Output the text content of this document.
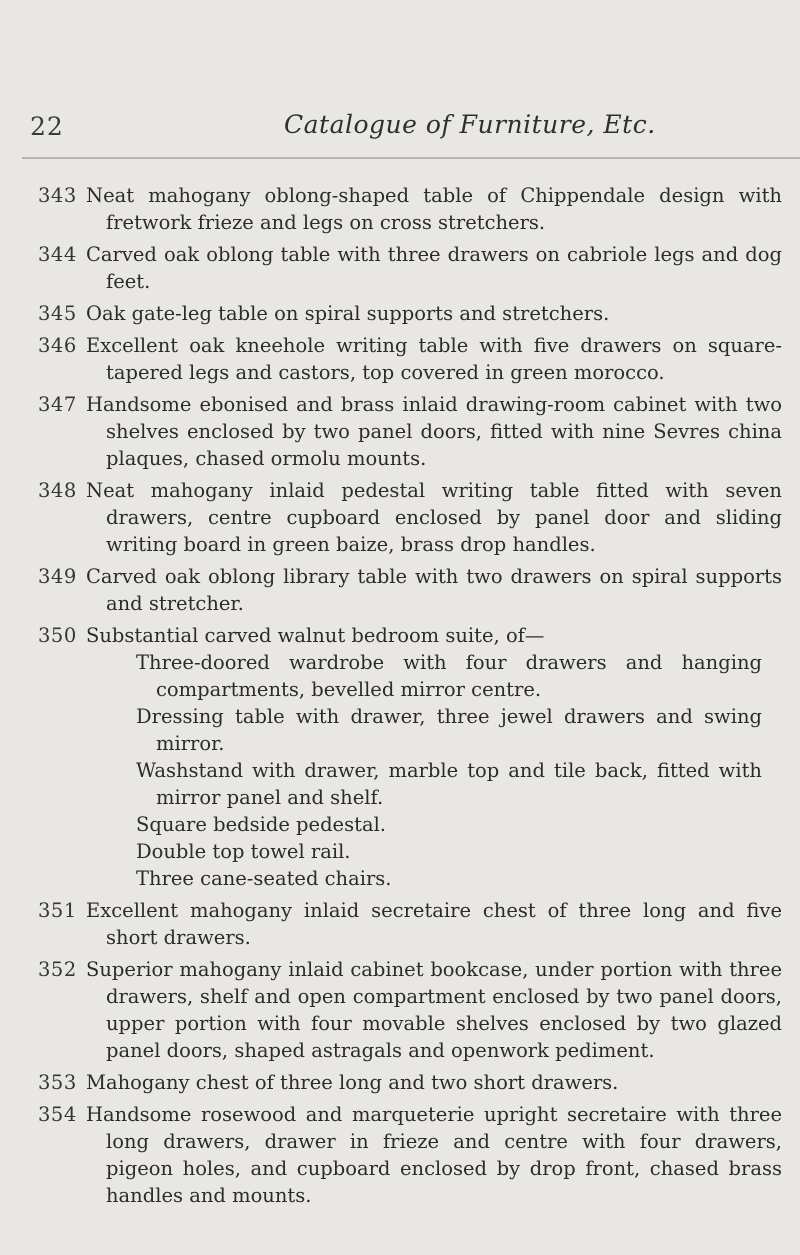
22	Catalogue of Furniture, Etc.
343 Neat mahogany oblong-shaped table of Chippendale design with fretwork frieze and legs on cross stretchers.
344 Carved oak oblong table with three drawers on cabriole legs and dog feet.
345 Oak gate-leg table on spiral supports and stretchers.
346 Excellent oak kneehole writing table with five drawers on square-tapered legs and castors, top covered in green morocco.
347 Handsome ebonised and brass inlaid drawing-room cabinet with two shelves enclosed by two panel doors, fitted with nine Sevres china plaques, chased ormolu mounts.
348 Neat mahogany inlaid pedestal writing table fitted with seven drawers, centre cupboard enclosed by panel door and sliding writing board in green baize, brass drop handles.
349 Carved oak oblong library table with two drawers on spiral supports and stretcher.
350 Substantial carved walnut bedroom suite, of—
Three-doored wardrobe with four drawers and hanging compartments, bevelled mirror centre.
Dressing table with drawer, three jewel drawers and swing mirror.
Washstand with drawer, marble top and tile back, fitted with mirror panel and shelf.
Square bedside pedestal.
Double top towel rail.
Three cane-seated chairs.
351 Excellent mahogany inlaid secretaire chest of three long and five short drawers.
352 Superior mahogany inlaid cabinet bookcase, under portion with three drawers, shelf and open compartment enclosed by two panel doors, upper portion with four movable shelves enclosed by two glazed panel doors, shaped astragals and openwork pediment.
353 Mahogany chest of three long and two short drawers.
354 Handsome rosewood and marqueterie upright secretaire with three long drawers, drawer in frieze and centre with four drawers, pigeon holes, and cupboard enclosed by drop front, chased brass handles and mounts.
